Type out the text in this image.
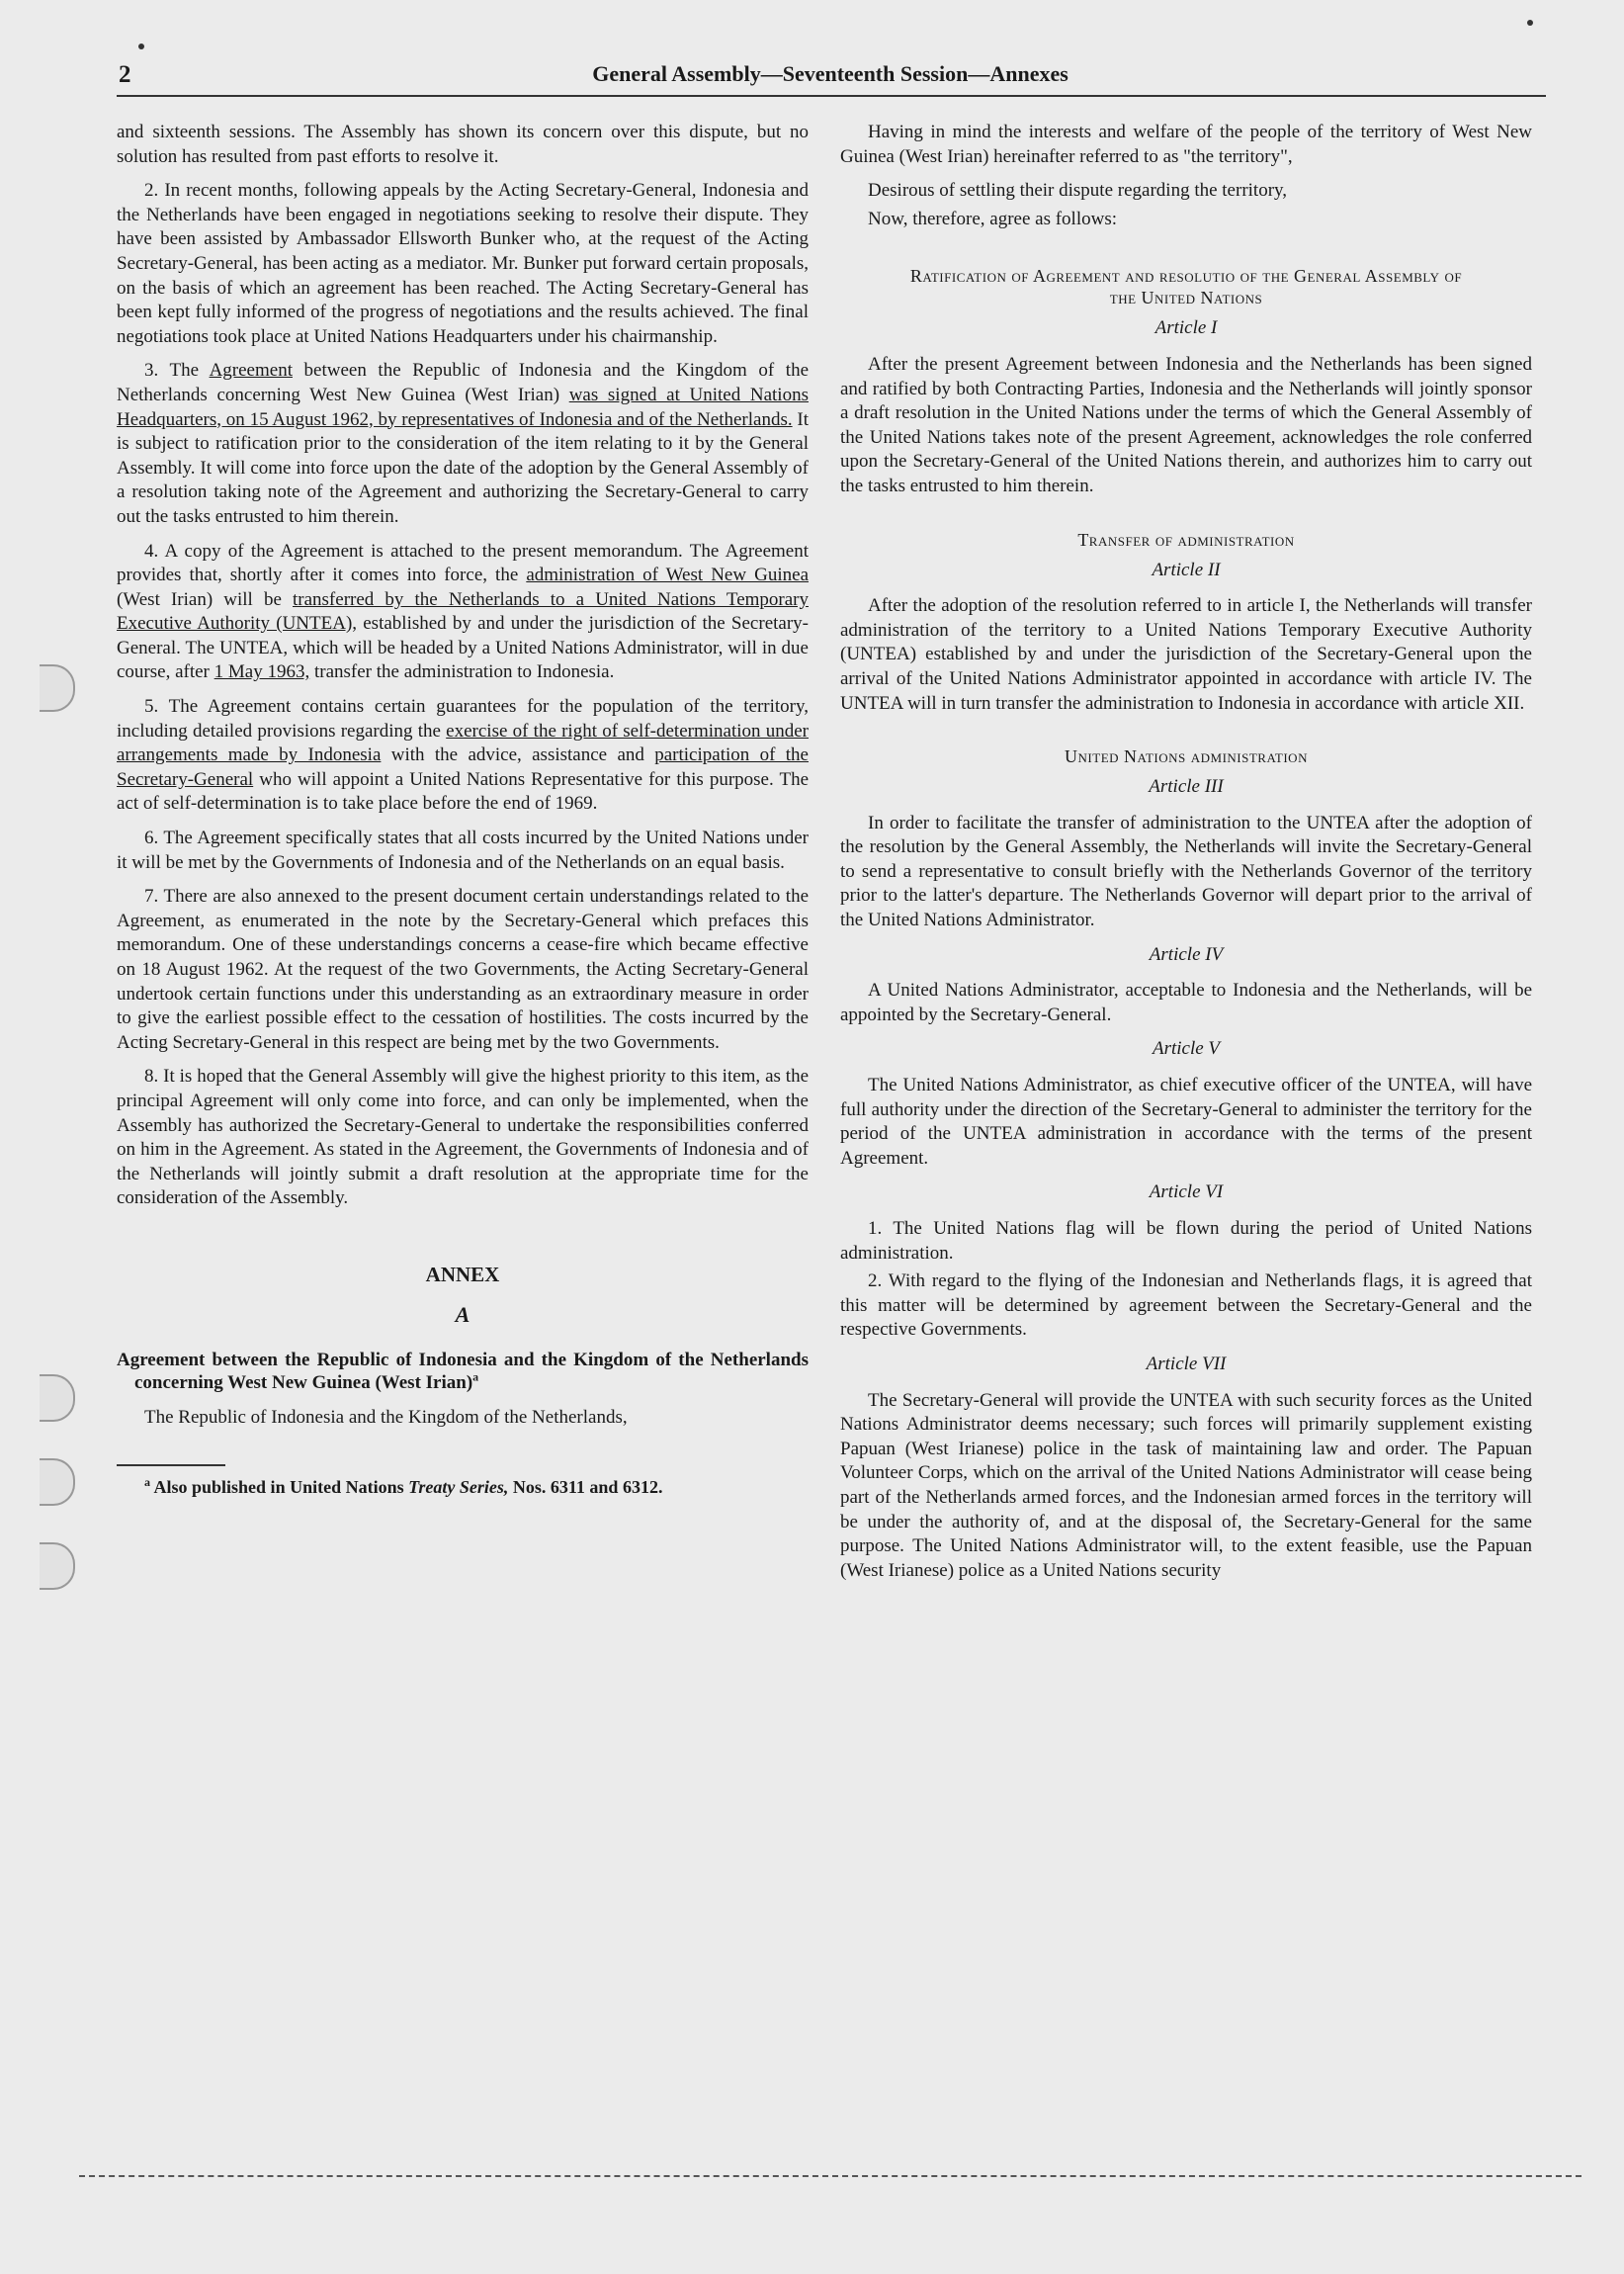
2	General Assembly—Seventeenth Session—Annexes

and sixteenth sessions. The Assembly has shown its concern over this dispute, but no solution has resulted from past efforts to resolve it.

2. In recent months, following appeals by the Acting Secretary-General, Indonesia and the Netherlands have been engaged in negotiations seeking to resolve their dispute. They have been assisted by Ambassador Ellsworth Bunker who, at the request of the Acting Secretary-General, has been acting as a mediator. Mr. Bunker put forward certain proposals, on the basis of which an agreement has been reached. The Acting Secretary-General has been kept fully informed of the progress of negotiations and the results achieved. The final negotiations took place at United Nations Headquarters under his chairmanship.

3. The Agreement between the Republic of Indonesia and the Kingdom of the Netherlands concerning West New Guinea (West Irian) was signed at United Nations Headquarters, on 15 August 1962, by representatives of Indonesia and of the Netherlands. It is subject to ratification prior to the consideration of the item relating to it by the General Assembly. It will come into force upon the date of the adoption by the General Assembly of a resolution taking note of the Agreement and authorizing the Secretary-General to carry out the tasks entrusted to him therein.

4. A copy of the Agreement is attached to the present memorandum. The Agreement provides that, shortly after it comes into force, the administration of West New Guinea (West Irian) will be transferred by the Netherlands to a United Nations Temporary Executive Authority (UNTEA), established by and under the jurisdiction of the Secretary-General. The UNTEA, which will be headed by a United Nations Administrator, will in due course, after 1 May 1963, transfer the administration to Indonesia.

5. The Agreement contains certain guarantees for the population of the territory, including detailed provisions regarding the exercise of the right of self-determination under arrangements made by Indonesia with the advice, assistance and participation of the Secretary-General who will appoint a United Nations Representative for this purpose. The act of self-determination is to take place before the end of 1969.

6. The Agreement specifically states that all costs incurred by the United Nations under it will be met by the Governments of Indonesia and of the Netherlands on an equal basis.

7. There are also annexed to the present document certain understandings related to the Agreement, as enumerated in the note by the Secretary-General which prefaces this memorandum. One of these understandings concerns a cease-fire which became effective on 18 August 1962. At the request of the two Governments, the Acting Secretary-General undertook certain functions under this understanding as an extraordinary measure in order to give the earliest possible effect to the cessation of hostilities. The costs incurred by the Acting Secretary-General in this respect are being met by the two Governments.

8. It is hoped that the General Assembly will give the highest priority to this item, as the principal Agreement will only come into force, and can only be implemented, when the Assembly has authorized the Secretary-General to undertake the responsibilities conferred on him in the Agreement. As stated in the Agreement, the Governments of Indonesia and of the Netherlands will jointly submit a draft resolution at the appropriate time for the consideration of the Assembly.

ANNEX
A
Agreement between the Republic of Indonesia and the Kingdom of the Netherlands concerning West New Guinea (West Irian)$^a$

The Republic of Indonesia and the Kingdom of the Netherlands,

$^a$ Also published in United Nations Treaty Series, Nos. 6311 and 6312.

Having in mind the interests and welfare of the people of the territory of West New Guinea (West Irian) hereinafter referred to as "the territory",

Desirous of settling their dispute regarding the territory,

Now, therefore, agree as follows:

Ratification of Agreement and resolutio of the General Assembly of the United Nations
Article I

After the present Agreement between Indonesia and the Netherlands has been signed and ratified by both Contracting Parties, Indonesia and the Netherlands will jointly sponsor a draft resolution in the United Nations under the terms of which the General Assembly of the United Nations takes note of the present Agreement, acknowledges the role conferred upon the Secretary-General of the United Nations therein, and authorizes him to carry out the tasks entrusted to him therein.

Transfer of administration
Article II

After the adoption of the resolution referred to in article I, the Netherlands will transfer administration of the territory to a United Nations Temporary Executive Authority (UNTEA) established by and under the jurisdiction of the Secretary-General upon the arrival of the United Nations Administrator appointed in accordance with article IV. The UNTEA will in turn transfer the administration to Indonesia in accordance with article XII.

United Nations administration
Article III

In order to facilitate the transfer of administration to the UNTEA after the adoption of the resolution by the General Assembly, the Netherlands will invite the Secretary-General to send a representative to consult briefly with the Netherlands Governor of the territory prior to the latter's departure. The Netherlands Governor will depart prior to the arrival of the United Nations Administrator.

Article IV

A United Nations Administrator, acceptable to Indonesia and the Netherlands, will be appointed by the Secretary-General.

Article V

The United Nations Administrator, as chief executive officer of the UNTEA, will have full authority under the direction of the Secretary-General to administer the territory for the period of the UNTEA administration in accordance with the terms of the present Agreement.

Article VI

1. The United Nations flag will be flown during the period of United Nations administration.

2. With regard to the flying of the Indonesian and Netherlands flags, it is agreed that this matter will be determined by agreement between the Secretary-General and the respective Governments.

Article VII

The Secretary-General will provide the UNTEA with such security forces as the United Nations Administrator deems necessary; such forces will primarily supplement existing Papuan (West Irianese) police in the task of maintaining law and order. The Papuan Volunteer Corps, which on the arrival of the United Nations Administrator will cease being part of the Netherlands armed forces, and the Indonesian armed forces in the territory will be under the authority of, and at the disposal of, the Secretary-General for the same purpose. The United Nations Administrator will, to the extent feasible, use the Papuan (West Irianese) police as a United Nations security
